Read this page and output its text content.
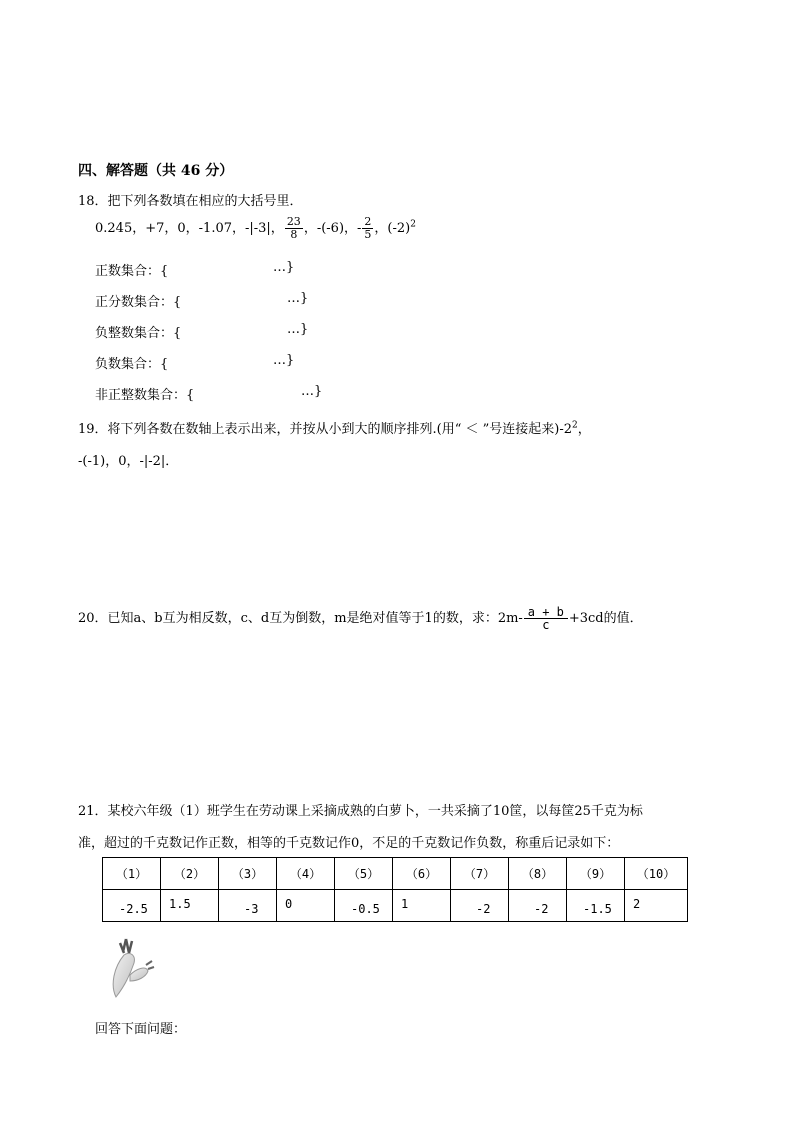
四、解答题（共 46 分）
18．把下列各数填在相应的大括号里．
0.245，+7，0，-1.07，-|-3|， $\frac{23}{8}$ ，-(-6)，- $\frac{2}{5}$ ，$(-2)^2$
正数集合：{	…}
正分数集合：{	…}
负整数集合：{	…}
负数集合：{	…}
非正整数集合：{	…}
19．将下列各数在数轴上表示出来，并按从小到大的顺序排列.(用“ ＜ ”号连接起来)$-2^2$，
-(-1)，0，-|-2|．
20．已知a、b互为相反数，c、d互为倒数，m是绝对值等于1的数，求：$2m- \frac{a + b}{c} +3cd$的值．
21．某校六年级（1）班学生在劳动课上采摘成熟的白萝卜，一共采摘了10筐，以每筐25千克为标
准，超过的千克数记作正数，相等的千克数记作0，不足的千克数记作负数，称重后记录如下：
（1）	（2）	（3）	（4）	（5）	（6）	（7）	（8）	（9）	（10）

-2.5	1.5	-3	0	-0.5	1	-2	-2	-1.5	2
回答下面问题：
